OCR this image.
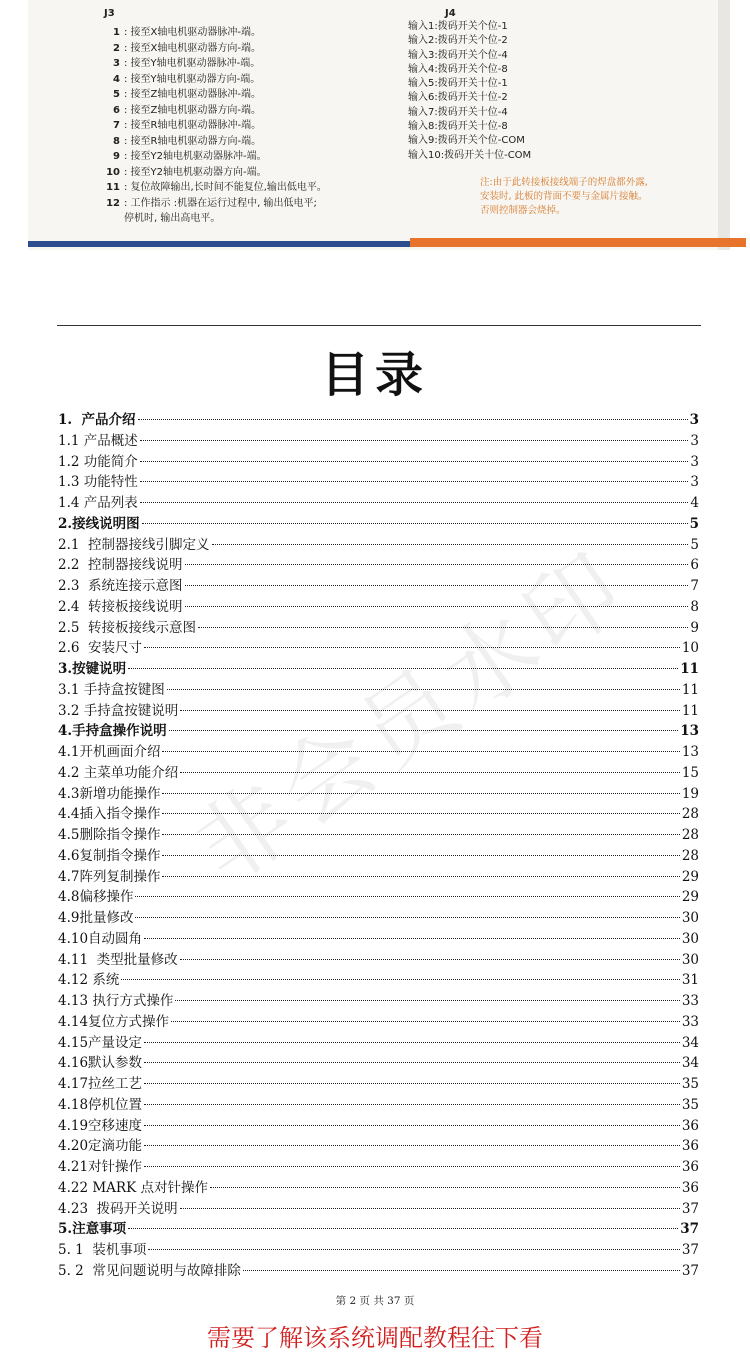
J3
1 : 接至X轴电机驱动器脉冲-端。
2 : 接至X轴电机驱动器方向-端。
3 : 接至Y轴电机驱动器脉冲-端。
4 : 接至Y轴电机驱动器方向-端。
5 : 接至Z轴电机驱动器脉冲-端。
6 : 接至Z轴电机驱动器方向-端。
7 : 接至R轴电机驱动器脉冲-端。
8 : 接至R轴电机驱动器方向-端。
9 : 接至Y2轴电机驱动器脉冲-端。
10 : 接至Y2轴电机驱动器方向-端。
11 : 复位故障输出,长时间不能复位,输出低电平。
12 : 工作指示 :机器在运行过程中, 输出低电平;
停机时, 输出高电平。
J4
输入1:拨码开关个位-1
输入2:拨码开关个位-2
输入3:拨码开关个位-4
输入4:拨码开关个位-8
输入5:拨码开关十位-1
输入6:拨码开关十位-2
输入7:拨码开关十位-4
输入8:拨码开关十位-8
输入9:拨码开关个位-COM
输入10:拨码开关十位-COM
注:由于此转接板接线端子的焊盘都外露,
安装时, 此板的背面不要与金属片接触。
否则控制器会烧掉。
目录
1.  产品介绍	3
1.1 产品概述	3
1.2 功能简介	3
1.3 功能特性	3
1.4 产品列表	4
2.接线说明图	5
2.1  控制器接线引脚定义	5
2.2  控制器接线说明	6
2.3  系统连接示意图	7
2.4  转接板接线说明	8
2.5  转接板接线示意图	9
2.6  安装尺寸	10
3.按键说明	11
3.1 手持盒按键图	11
3.2 手持盒按键说明	11
4.手持盒操作说明	13
4.1开机画面介绍	13
4.2 主菜单功能介绍	15
4.3新增功能操作	19
4.4插入指令操作	28
4.5删除指令操作	28
4.6复制指令操作	28
4.7阵列复制操作	29
4.8偏移操作	29
4.9批量修改	30
4.10自动圆角	30
4.11  类型批量修改	30
4.12 系统	31
4.13 执行方式操作	33
4.14复位方式操作	33
4.15产量设定	34
4.16默认参数	34
4.17拉丝工艺	35
4.18停机位置	35
4.19空移速度	36
4.20定滴功能	36
4.21对针操作	36
4.22 MARK 点对针操作	36
4.23  拨码开关说明	37
5.注意事项	37
5. 1  装机事项	37
5. 2  常见问题说明与故障排除	37
非会员水印
第 2 页 共 37 页
需要了解该系统调配教程往下看
